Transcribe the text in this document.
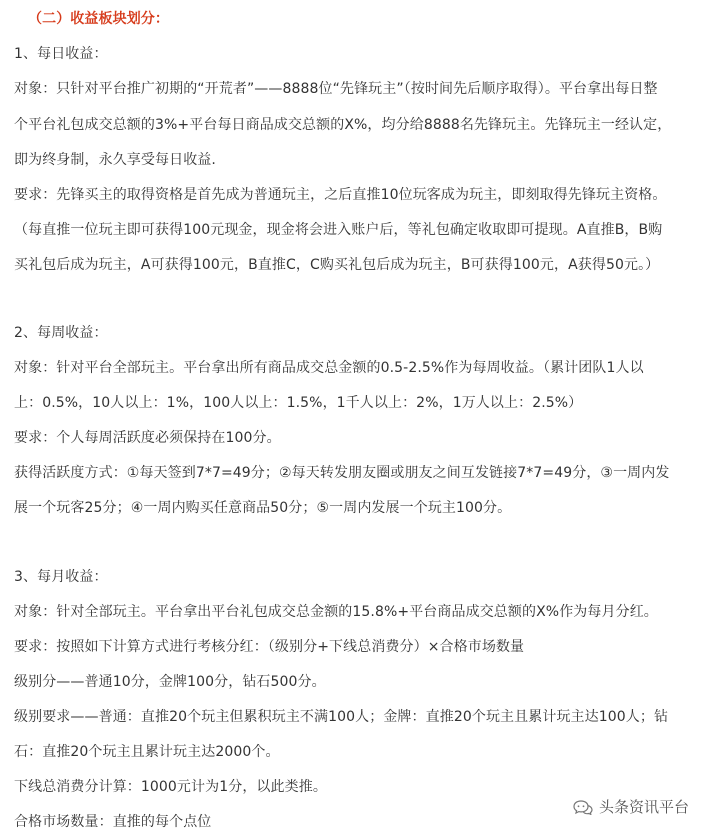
（二）收益板块划分：
1、每日收益：
对象：只针对平台推广初期的“开荒者”——8888位“先锋玩主”（按时间先后顺序取得）。平台拿出每日整
个平台礼包成交总额的3%+平台每日商品成交总额的X%，均分给8888名先锋玩主。先锋玩主一经认定，
即为终身制，永久享受每日收益.
要求：先锋买主的取得资格是首先成为普通玩主，之后直推10位玩客成为玩主，即刻取得先锋玩主资格。
（每直推一位玩主即可获得100元现金，现金将会进入账户后，等礼包确定收取即可提现。A直推B，B购
买礼包后成为玩主，A可获得100元，B直推C，C购买礼包后成为玩主，B可获得100元，A获得50元。）
2、每周收益：
对象：针对平台全部玩主。平台拿出所有商品成交总金额的0.5-2.5%作为每周收益。（累计团队1人以
上：0.5%，10人以上：1%，100人以上：1.5%，1千人以上：2%，1万人以上：2.5%）
要求：个人每周活跃度必须保持在100分。
获得活跃度方式：①每天签到7*7=49分；②每天转发朋友圈或朋友之间互发链接7*7=49分，③一周内发
展一个玩客25分；④一周内购买任意商品50分；⑤一周内发展一个玩主100分。
3、每月收益：
对象：针对全部玩主。平台拿出平台礼包成交总金额的15.8%+平台商品成交总额的X%作为每月分红。
要求：按照如下计算方式进行考核分红：（级别分+下线总消费分）×合格市场数量
级别分——普通10分，金牌100分，钻石500分。
级别要求——普通：直推20个玩主但累积玩主不满100人；金牌：直推20个玩主且累计玩主达100人；钻
石：直推20个玩主且累计玩主达2000个。
下线总消费分计算：1000元计为1分，以此类推。
合格市场数量：直推的每个点位
头条资讯平台
